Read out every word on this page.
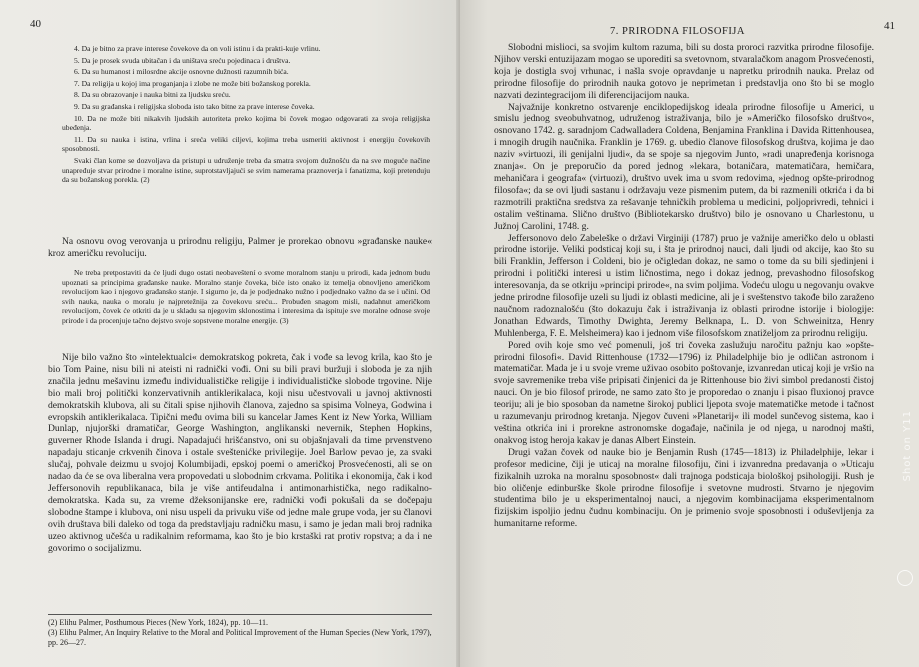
40

4. Da je bitno za prave interese čovekove da on voli istinu i da prakti-kuje vrlinu.

5. Da je prosek svuda ubitačan i da uništava sreću pojedinaca i društva.

6. Da su humanost i milosrdne akcije osnovne dužnosti razumnih bića.

7. Da religija u kojoj ima proganjanja i zlobe ne može biti božanskog porekla.

8. Da su obrazovanje i nauka bitni za ljudsku sreću.

9. Da su građanska i religijska sloboda isto tako bitne za prave interese čoveka.

10. Da ne može biti nikakvih ljudskih autoriteta preko kojima bi čovek mogao odgovarati za svoja religijska ubeđenja.

11. Da su nauka i istina, vrlina i sreća veliki ciljevi, kojima treba usmeriti aktivnost i energiju čovekovih sposobnosti.

Svaki član kome se dozvoljava da pristupi u udruženje treba da smatra svojom dužnošću da na sve moguće načine unapređuje stvar prirodne i moralne istine, suprotstavljajući se svim namerama praznoverja i fanatizma, koji pretenduju da su božanskog porekla. (2)

Na osnovu ovog verovanja u prirodnu religiju, Palmer je prorekao obnovu »građanske nauke« kroz američku revoluciju.

Ne treba pretpostaviti da će ljudi dugo ostati neobaveštení o svome moralnom stanju u prirodi, kada jednom budu upoznati sa principima građanske nauke. Moralno stanje čoveka, biće isto onako iz temelja obnovljeno američkom revolucijom kao i njegovo građansko stanje. I sigurno je, da je podjednako nužno i podjednako važno da se i učini. Od svih nauka, nauka o moralu je najpretežnija za čovekovu sreću... Probuđen snagom misli, nadahnut američkom revolucijom, čovek će otkriti da je u skladu sa njegovim sklonostima i interesima da ispituje sve moralne odnose svoje prirode i da procenjuje tačno dejstvo svoje sopstvene moralne energije. (3)

Nije bilo važno što »intelektualci« demokratskog pokreta, čak i vođe sa levog krila, kao što je bio Tom Paine, nisu bili ni ateisti ni radnički vođi. Oni su bili pravi buržuji i sloboda je za njih značila jednu mešavinu između individualističke religije i individualističke slobode trgovine. Nije bio mali broj politički konzervativnih antiklerikalaca, koji nisu učestvovali u javnoj aktivnosti demokratskih klubova, ali su čitali spise njihovih članova, zajedno sa spisima Volneya, Godwina i evropskih antiklerikalaca. Tipični među ovima bili su kancelar James Kent iz New Yorka, William Dunlap, njujorški dramatičar, George Washington, anglikanski nevernik, Stephen Hopkins, guverner Rhode Islanda i drugi. Napadajući hrišćanstvo, oni su objašnjavali da time prvenstveno napadaju sticanje crkvenih činova i ostale sveštenićke privilegije. Joel Barlow pevao je, za svaki slučaj, pohvale deizmu u svojoj Kolumbijadi, epskoj poemi o američkoj Prosvećenosti, ali se on nadao da će se ova liberalna vera propovedati u slobodnim crkvama. Politika i ekonomija, čak i kod Jeffersonovih republikanaca, bila je više antifeudalna i antimonarhistička, nego radikalno-demokratska. Kada su, za vreme džeksonijanske ere, radnički vođi pokušali da se dočepaju slobodne štampe i klubova, oni nisu uspeli da privuku više od jedne male grupe voda, jer su članovi ovih društava bili daleko od toga da predstavljaju radničku masu, i samo je jedan mali broj radnika uzeo aktivnog učešća u radikalnim reformama, kao što je bio krstaški rat protiv ropstva; a da i ne govorimo o socijalizmu.

(2) Elihu Palmer, Posthumous Pieces (New York, 1824), pp. 10—11.

(3) Elihu Palmer, An Inquiry Relative to the Moral and Political Improvement of the Human Species (New York, 1797), pp. 26—27.

41
7. PRIRODNA FILOSOFIJA

Slobodni mislioci, sa svojim kultom razuma, bili su dosta proroci razvitka prirodne filosofije. Njihov verski entuzijazam mogao se uporediti sa svetovnom, stvaralačkom anagom Prosvećenosti, koja je dostigla svoj vrhunac, i našla svoje opravdanje u napretku prirodnih nauka. Prelaz od prirodne filosofije do prirodnih nauka gotovo je neprimetan i predstavlja ono što bi se moglo nazvati dezintegracijom ili diferencijacijom nauka.

Najvažnije konkretno ostvarenje enciklopedijskog ideala prirodne filosofije u Americi, u smislu jednog sveobuhvatnog, udruženog istraživanja, bilo je »Američko filosofsko društvo«, osnovano 1742. g. saradnjom Cadwalladera Coldena, Benjamina Franklina i Davida Rittenhousea, i mnogih drugih naučnika. Franklin je 1769. g. ubedio članove filosofskog društva, kojima je dao naziv »virtuozi, ili genijalni ljudi«, da se spoje sa njegovim Junto, »radi unapređenja korisnoga znanja«. On je preporučio da pored jednog »lekara, botaničara, matematičara, hemičara, mehaničara i geografa« (virtuozi), društvo uvek ima u svom redovima, »jednog opšte-prirodnog filosofa«; da se ovi ljudi sastanu i održavaju veze pismenim putem, da bi razmenili otkrića i da bi razmotrili praktična sredstva za rešavanje tehničkih problema u medicini, poljoprivredi, tehnici i ostalim veštinama. Slično društvo (Bibliotekarsko društvo) bilo je osnovano u Charlestonu, u Južnoj Carolini, 1748. g.

Jeffersonovo delo Zabeleške o državi Virginiji (1787) pruo je važnije američko delo u oblasti prirodne istorije. Veliki podsticaj koji su, i šta je prirodnoj nauci, dali ljudi od akcije, kao što su bili Franklin, Jefferson i Coldeni, bio je očigledan dokaz, ne samo o tome da su bili sjedinjeni i prirodni i politički interesi u istim ličnostima, nego i dokaz jednog, prevashodno filosofskog interesovanja, da se otkriju »principi prirode«, na svim poljima. Vodeću ulogu u negovanju ovakve jedne prirodne filosofije uzeli su ljudi iz oblasti medicine, ali je i sveštenstvo takođe bilo zaraženo naučnom radoznalošću (što dokazuju čak i istraživanja iz oblasti prirodne istorije i biologije: Jonathan Edwards, Timothy Dwighta, Jeremy Belknapa, L. D. von Schweinitza, Henry Muhlenberga, F. E. Melsheimera) kao i jednom više filosofskom znatiželjom za prirodnu religiju.

Pored ovih koje smo već pomenuli, još tri čoveka zaslužuju naročitu pažnju kao »opšte-prirodni filosofi«. David Rittenhouse (1732—1796) iz Philadelphije bio je odličan astronom i matematičar. Mada je i u svoje vreme uživao osobito poštovanje, izvanredan uticaj koji je vršio na svoje savremenike treba više pripisati činjenici da je Rittenhouse bio živi simbol predanosti čistoj nauci. On je bio filosof prirode, ne samo zato što je proporedao o znanju i pisao fluxionoj pravce teoriju; ali je bio sposoban da nametne širokoj publici ljepota svoje matematičke metode i tačnost u razumevanju prirodnog kretanja. Njegov čuveni »Planetarij« ili model sunčevog sistema, kao i veština otkrića ini i prorekne astronomske događaje, načinila je od njega, u narodnoj mašti, onakvog istog heroja kakav je danas Albert Einstein.

Drugi važan čovek od nauke bio je Benjamin Rush (1745—1813) iz Philadelphije, lekar i profesor medicine, čiji je uticaj na moralne filosofiju, čini i izvanredna predavanja o »Uticaju fizikalnih uzroka na moralnu sposobnost« dali trajnoga podsticaja biološkoj psihologiji. Rush je bio oličenje edinburške škole prirodne filosofije i svetovne mudrosti. Stvarno je njegovim studentima bilo je u eksperimentalnoj nauci, a njegovim kombinacijama eksperimentalnom fizijskim ispoljio jednu čudnu kombinaciju. On je primenio svoje sposobnosti i oduševljenja za humanitarne reforme.

Shot on Y11
